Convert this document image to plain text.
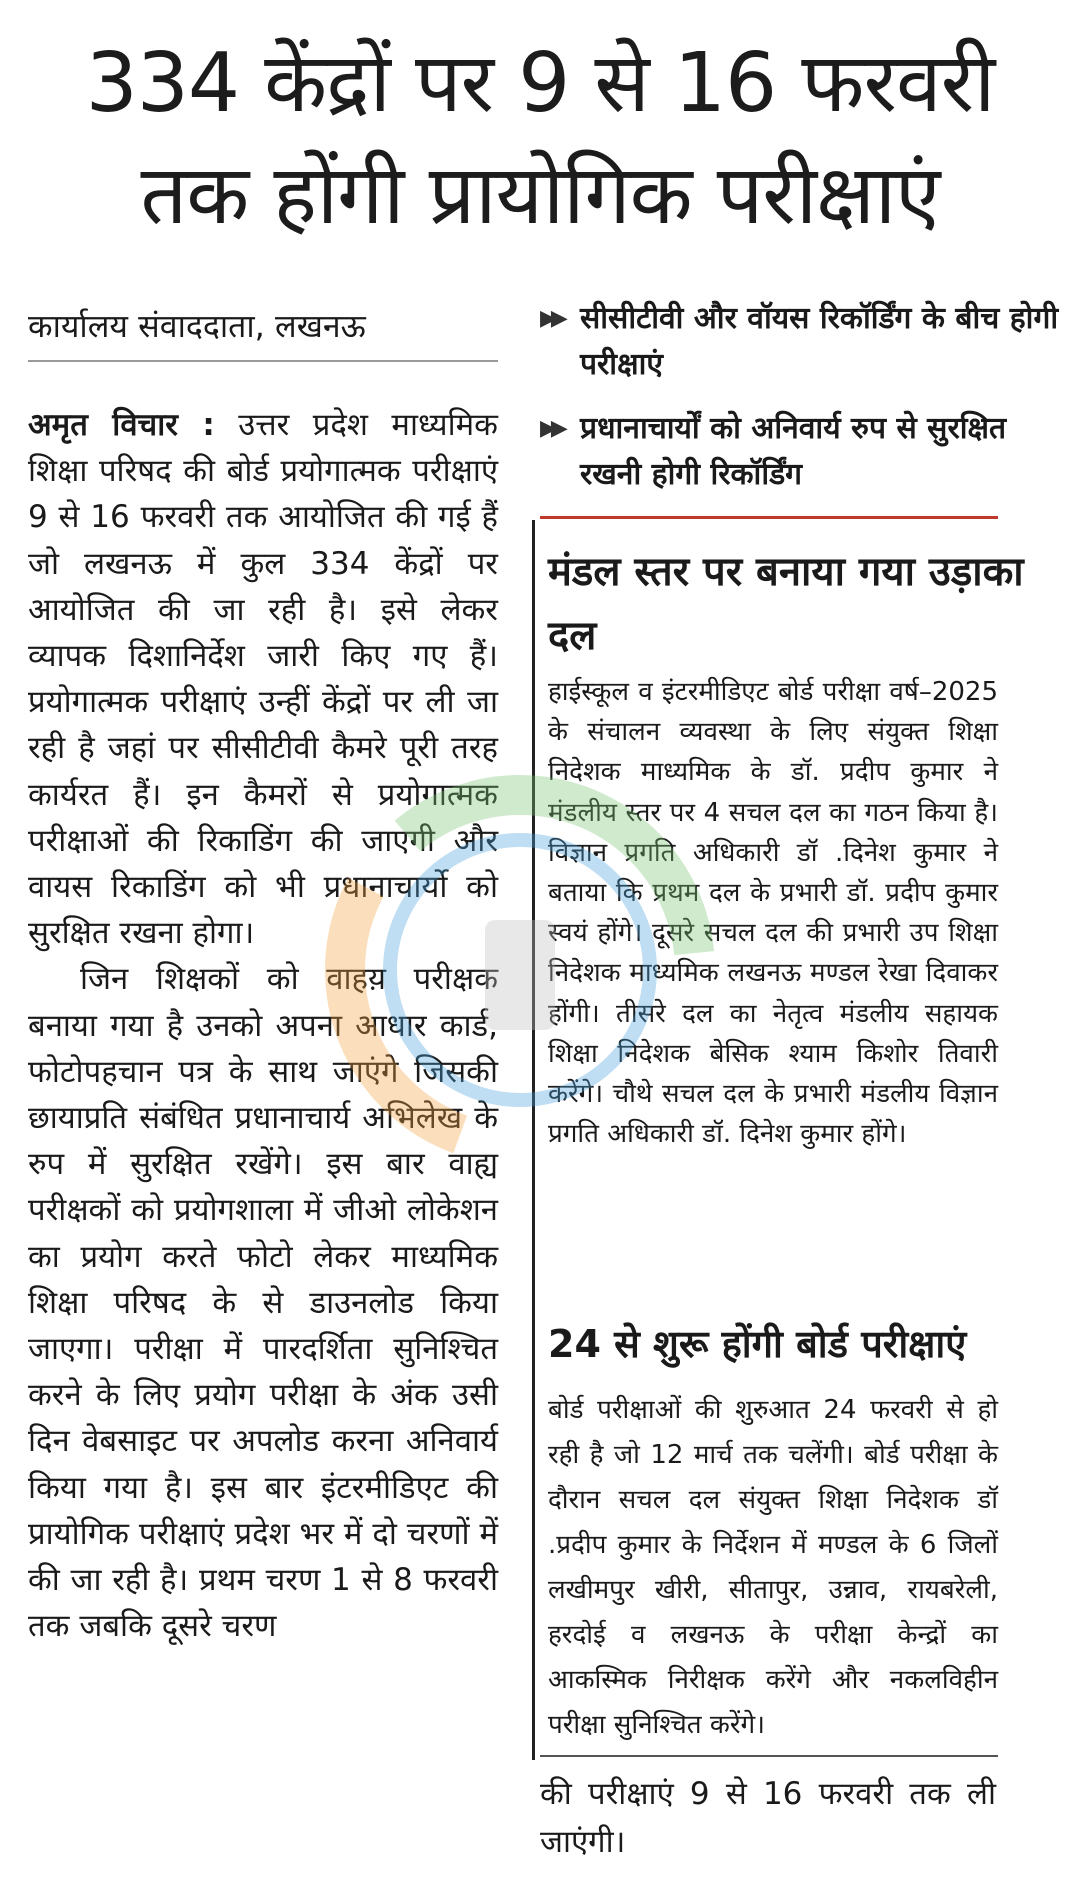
334 केंद्रों पर 9 से 16 फरवरी
तक होंगी प्रायोगिक परीक्षाएं
कार्यालय संवाददाता, लखनऊ

अमृत विचार : उत्तर प्रदेश माध्यमिक शिक्षा परिषद की बोर्ड प्रयोगात्मक परीक्षाएं 9 से 16 फरवरी तक आयोजित की गई हैं जो लखनऊ में कुल 334 केंद्रों पर आयोजित की जा रही है। इसे लेकर व्यापक दिशानिर्देश जारी किए गए हैं। प्रयोगात्मक परीक्षाएं उन्हीं केंद्रों पर ली जा रही है जहां पर सीसीटीवी कैमरे पूरी तरह कार्यरत हैं। इन कैमरों से प्रयोगात्मक परीक्षाओं की रिकाडिंग की जाएगी और वायस रिकाडिंग को भी प्रधानाचार्यो को सुरक्षित रखना होगा।

जिन शिक्षकों को वाहय़ परीक्षक बनाया गया है उनको अपना आधार कार्ड, फोटोपहचान पत्र के साथ जाएंगे जिसकी छायाप्रति संबंधित प्रधानाचार्य अभिलेख के रुप में सुरक्षित रखेंगे। इस बार वाह्य परीक्षकों को प्रयोगशाला में जीओ लोकेशन का प्रयोग करते फोटो लेकर माध्यमिक शिक्षा परिषद के से डाउनलोड किया जाएगा। परीक्षा में पारदर्शिता सुनिश्चित करने के लिए प्रयोग परीक्षा के अंक उसी दिन वेबसाइट पर अपलोड करना अनिवार्य किया गया है। इस बार इंटरमीडिएट की प्रायोगिक परीक्षाएं प्रदेश भर में दो चरणों में की जा रही है। प्रथम चरण 1 से 8 फरवरी तक जबकि दूसरे चरण

▶▶ सीसीटीवी और वॉयस रिकॉर्डिंग के बीच होगी परीक्षाएं
▶▶ प्रधानाचार्यों को अनिवार्य रुप से सुरक्षित रखनी होगी रिकॉर्डिंग
मंडल स्तर पर बनाया गया उड़ाका दल

हाईस्कूल व इंटरमीडिएट बोर्ड परीक्षा वर्ष–2025 के संचालन व्यवस्था के लिए संयुक्त शिक्षा निदेशक माध्यमिक के डॉ. प्रदीप कुमार ने मंडलीय स्तर पर 4 सचल दल का गठन किया है। विज्ञान प्रगति अधिकारी डॉ .दिनेश कुमार ने बताया कि प्रथम दल के प्रभारी डॉ. प्रदीप कुमार स्वयं होंगे। दूसरे सचल दल की प्रभारी उप शिक्षा निदेशक माध्यमिक लखनऊ मण्डल रेखा दिवाकर होंगी। तीसरे दल का नेतृत्व मंडलीय सहायक शिक्षा निदेशक बेसिक श्याम किशोर तिवारी करेंगे। चौथे सचल दल के प्रभारी मंडलीय विज्ञान प्रगति अधिकारी डॉ. दिनेश कुमार होंगे।

24 से शुरू होंगी बोर्ड परीक्षाएं

बोर्ड परीक्षाओं की शुरुआत 24 फरवरी से हो रही है जो 12 मार्च तक चलेंगी। बोर्ड परीक्षा के दौरान सचल दल संयुक्त शिक्षा निदेशक डॉ .प्रदीप कुमार के निर्देशन में मण्डल के 6 जिलों लखीमपुर खीरी, सीतापुर, उन्नाव, रायबरेली, हरदोई व लखनऊ के परीक्षा केन्द्रों का आकस्मिक निरीक्षक करेंगे और नकलविहीन परीक्षा सुनिश्चित करेंगे।

की परीक्षाएं 9 से 16 फरवरी तक ली जाएंगी।
